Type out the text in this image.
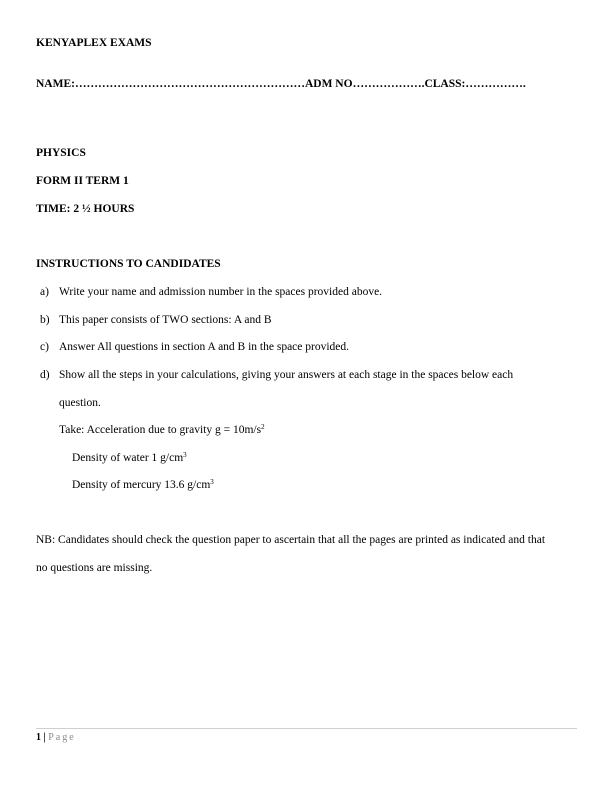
KENYAPLEX EXAMS
NAME:……………………………………………………ADM NO……………….CLASS:…………….
PHYSICS
FORM II TERM 1
TIME: 2 ½ HOURS
INSTRUCTIONS TO CANDIDATES
a) Write your name and admission number in the spaces provided above.
b) This paper consists of TWO sections: A and B
c) Answer All questions in section A and B in the space provided.
d) Show all the steps in your calculations, giving your answers at each stage in the spaces below each
question.
Take: Acceleration due to gravity $g = 10m/s^2$
Density of water 1 $g/cm^3$
Density of mercury 13.6 $g/cm^3$
NB: Candidates should check the question paper to ascertain that all the pages are printed as indicated and that
no questions are missing.
1 | Page
